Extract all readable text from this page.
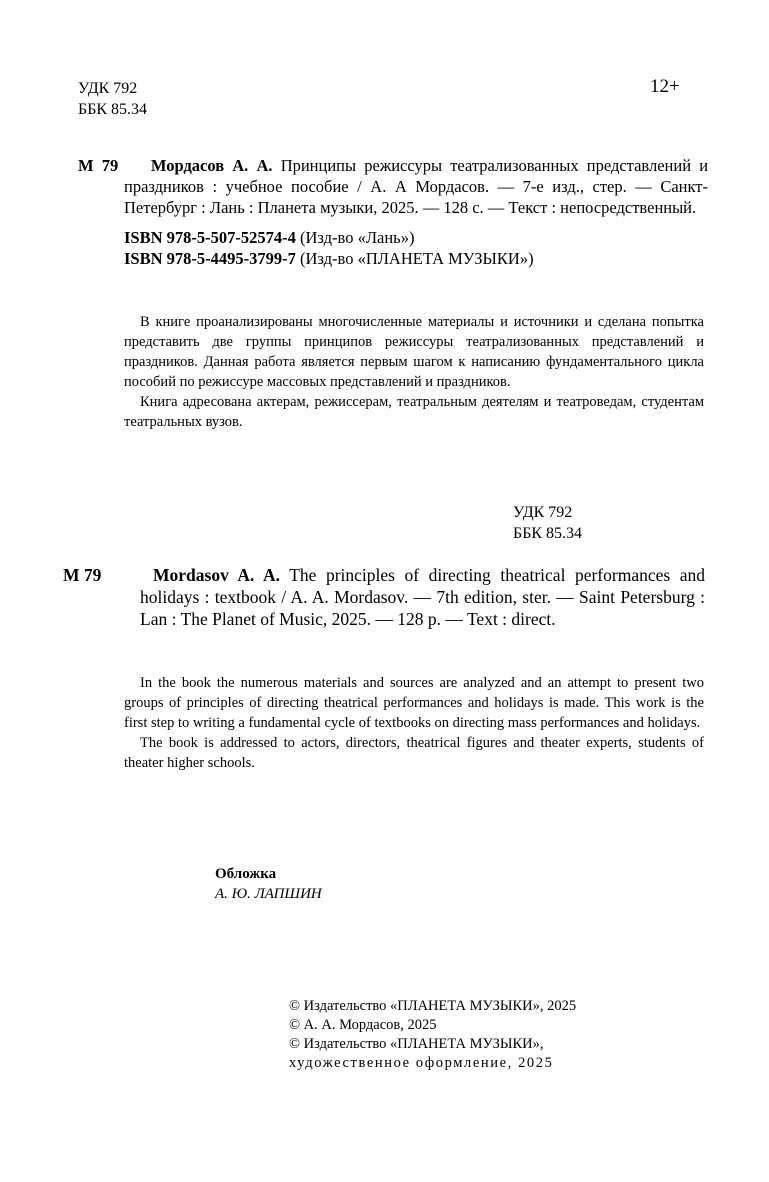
УДК 792
ББК 85.34
12+
М 79 Мордасов А. А. Принципы режиссуры театрализованных представлений и праздников : учебное пособие / А. А Мордасов. — 7-е изд., стер. — Санкт-Петербург : Лань : Планета музыки, 2025. — 128 с. — Текст : непосредственный.
ISBN 978-5-507-52574-4 (Изд-во «Лань»)
ISBN 978-5-4495-3799-7 (Изд-во «ПЛАНЕТА МУЗЫКИ»)

В книге проанализированы многочисленные материалы и источники и сделана попытка представить две группы принципов режиссуры театрализованных представлений и праздников. Данная работа является первым шагом к написанию фундаментального цикла пособий по режиссуре массовых представлений и праздников.

Книга адресована актерам, режиссерам, театральным деятелям и театроведам, студентам театральных вузов.

УДК 792
ББК 85.34
M 79	Mordasov A. A. The principles of directing theatrical performances and holidays : textbook / A. A. Mordasov. — 7th edition, ster. — Saint Petersburg : Lan : The Planet of Music, 2025. — 128 p. — Text : direct.

In the book the numerous materials and sources are analyzed and an attempt to present two groups of principles of directing theatrical performances and holidays is made. This work is the first step to writing a fundamental cycle of textbooks on directing mass performances and holidays.

The book is addressed to actors, directors, theatrical figures and theater experts, students of theater higher schools.

Обложка
А. Ю. ЛАПШИН
© Издательство «ПЛАНЕТА МУЗЫКИ», 2025
© А. А. Мордасов, 2025
© Издательство «ПЛАНЕТА МУЗЫКИ»,
художественное оформление, 2025
